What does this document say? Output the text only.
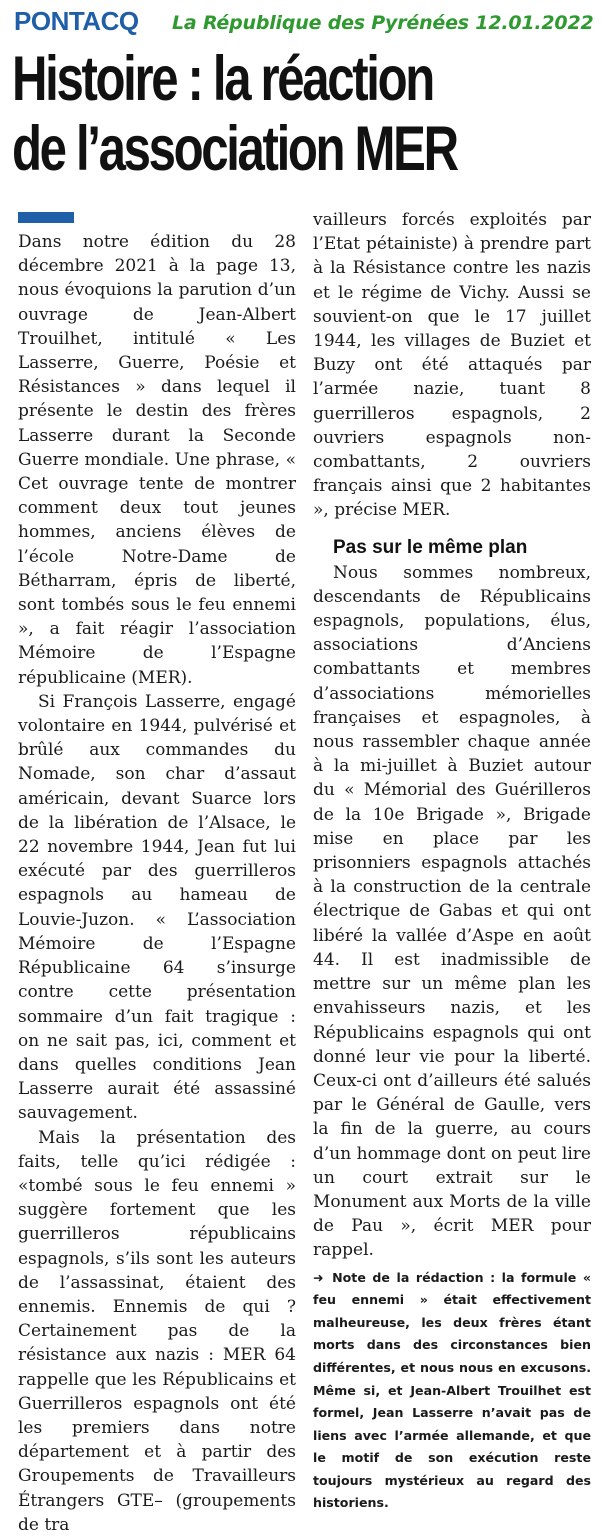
PONTACQ La République des Pyrénées 12.01.2022
Histoire : la réaction
de l’association MER

Dans notre édition du 28 décembre 2021 à la page 13, nous évoquions la parution d’un ouvrage de Jean-Albert Trouilhet, intitulé « Les Lasserre, Guerre, Poésie et Résistances » dans lequel il présente le destin des frères Lasserre durant la Seconde Guerre mondiale. Une phrase, « Cet ouvrage tente de montrer comment deux tout jeunes hommes, anciens élèves de l’école Notre-Dame de Bétharram, épris de liberté, sont tombés sous le feu ennemi », a fait réagir l’association Mémoire de l’Espagne républicaine (MER).

Si François Lasserre, engagé volontaire en 1944, pulvérisé et brûlé aux commandes du Nomade, son char d’assaut américain, devant Suarce lors de la libération de l’Alsace, le 22 novembre 1944, Jean fut lui exécuté par des guerrilleros espagnols au hameau de Louvie-Juzon. « L’association Mémoire de l’Espagne Républicaine 64 s’insurge contre cette présentation sommaire d’un fait tragique : on ne sait pas, ici, comment et dans quelles conditions Jean Lasserre aurait été assassiné sauvagement.

Mais la présentation des faits, telle qu’ici rédigée : «tombé sous le feu ennemi » suggère fortement que les guerrilleros républicains espagnols, s’ils sont les auteurs de l’assassinat, étaient des ennemis. Ennemis de qui ? Certainement pas de la résistance aux nazis : MER 64 rappelle que les Républicains et Guerrilleros espagnols ont été les premiers dans notre département et à partir des Groupements de Travailleurs Étrangers GTE– (groupements de tra

vailleurs forcés exploités par l’Etat pétainiste) à prendre part à la Résistance contre les nazis et le régime de Vichy. Aussi se souvient-on que le 17 juillet 1944, les villages de Buziet et Buzy ont été attaqués par l’armée nazie, tuant 8 guerrilleros espagnols, 2 ouvriers espagnols non-combattants, 2 ouvriers français ainsi que 2 habitantes », précise MER.

Pas sur le même plan

Nous sommes nombreux, descendants de Républicains espagnols, populations, élus, associations d’Anciens combattants et membres d’associations mémorielles françaises et espagnoles, à nous rassembler chaque année à la mi-juillet à Buziet autour du « Mémorial des Guérilleros de la 10e Brigade », Brigade mise en place par les prisonniers espagnols attachés à la construction de la centrale électrique de Gabas et qui ont libéré la vallée d’Aspe en août 44. Il est inadmissible de mettre sur un même plan les envahisseurs nazis, et les Républicains espagnols qui ont donné leur vie pour la liberté. Ceux-ci ont d’ailleurs été salués par le Général de Gaulle, vers la fin de la guerre, au cours d’un hommage dont on peut lire un court extrait sur le Monument aux Morts de la ville de Pau », écrit MER pour rappel.

➜ Note de la rédaction : la formule « feu ennemi » était effectivement malheureuse, les deux frères étant morts dans des circonstances bien différentes, et nous nous en excusons. Même si, et Jean-Albert Trouilhet est formel, Jean Lasserre n’avait pas de liens avec l’armée allemande, et que le motif de son exécution reste toujours mystérieux au regard des historiens.
